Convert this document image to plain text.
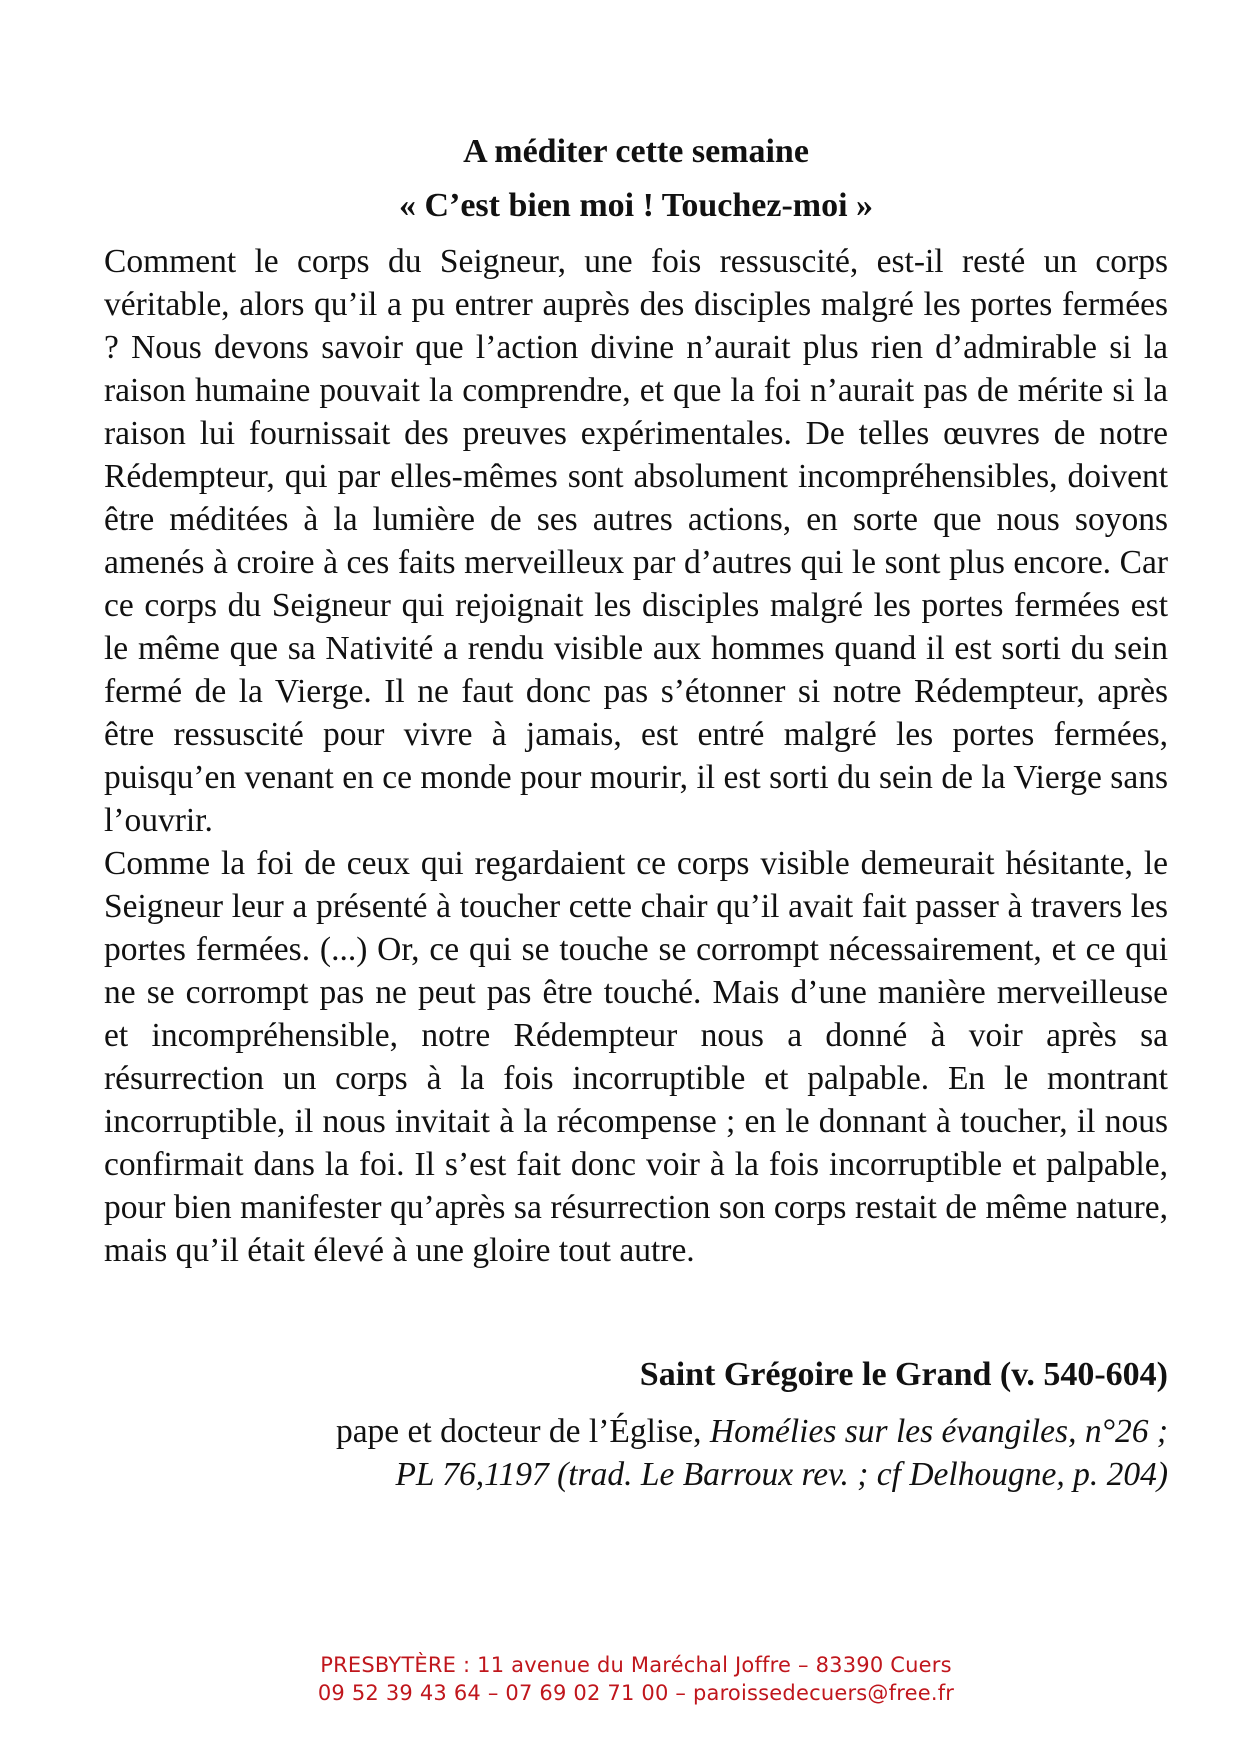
A méditer cette semaine
« C’est bien moi ! Touchez-moi »

Comment le corps du Seigneur, une fois ressuscité, est-il resté un corps véritable, alors qu’il a pu entrer auprès des disciples malgré les portes fermées ? Nous devons savoir que l’action divine n’aurait plus rien d’admirable si la raison humaine pouvait la comprendre, et que la foi n’aurait pas de mérite si la raison lui fournissait des preuves expérimentales. De telles œuvres de notre Rédempteur, qui par elles-mêmes sont absolument incompréhensibles, doivent être méditées à la lumière de ses autres actions, en sorte que nous soyons amenés à croire à ces faits merveilleux par d’autres qui le sont plus encore. Car ce corps du Seigneur qui rejoignait les disciples malgré les portes fermées est le même que sa Nativité a rendu visible aux hommes quand il est sorti du sein fermé de la Vierge. Il ne faut donc pas s’étonner si notre Rédempteur, après être ressuscité pour vivre à jamais, est entré malgré les portes fermées, puisqu’en venant en ce monde pour mourir, il est sorti du sein de la Vierge sans l’ouvrir.

Comme la foi de ceux qui regardaient ce corps visible demeurait hésitante, le Seigneur leur a présenté à toucher cette chair qu’il avait fait passer à travers les portes fermées. (...) Or, ce qui se touche se corrompt nécessairement, et ce qui ne se corrompt pas ne peut pas être touché. Mais d’une manière merveilleuse et incompréhensible, notre Rédempteur nous a donné à voir après sa résurrection un corps à la fois incorruptible et palpable. En le montrant incorruptible, il nous invitait à la récompense ; en le donnant à toucher, il nous confirmait dans la foi. Il s’est fait donc voir à la fois incorruptible et palpable, pour bien manifester qu’après sa résurrection son corps restait de même nature, mais qu’il était élevé à une gloire tout autre.

Saint Grégoire le Grand (v. 540-604)
pape et docteur de l’Église, Homélies sur les évangiles, n°26 ;
PL 76,1197 (trad. Le Barroux rev. ; cf Delhougne, p. 204)
PRESBYTÈRE : 11 avenue du Maréchal Joffre – 83390 Cuers
09 52 39 43 64 – 07 69 02 71 00 – paroissedecuers@free.fr
